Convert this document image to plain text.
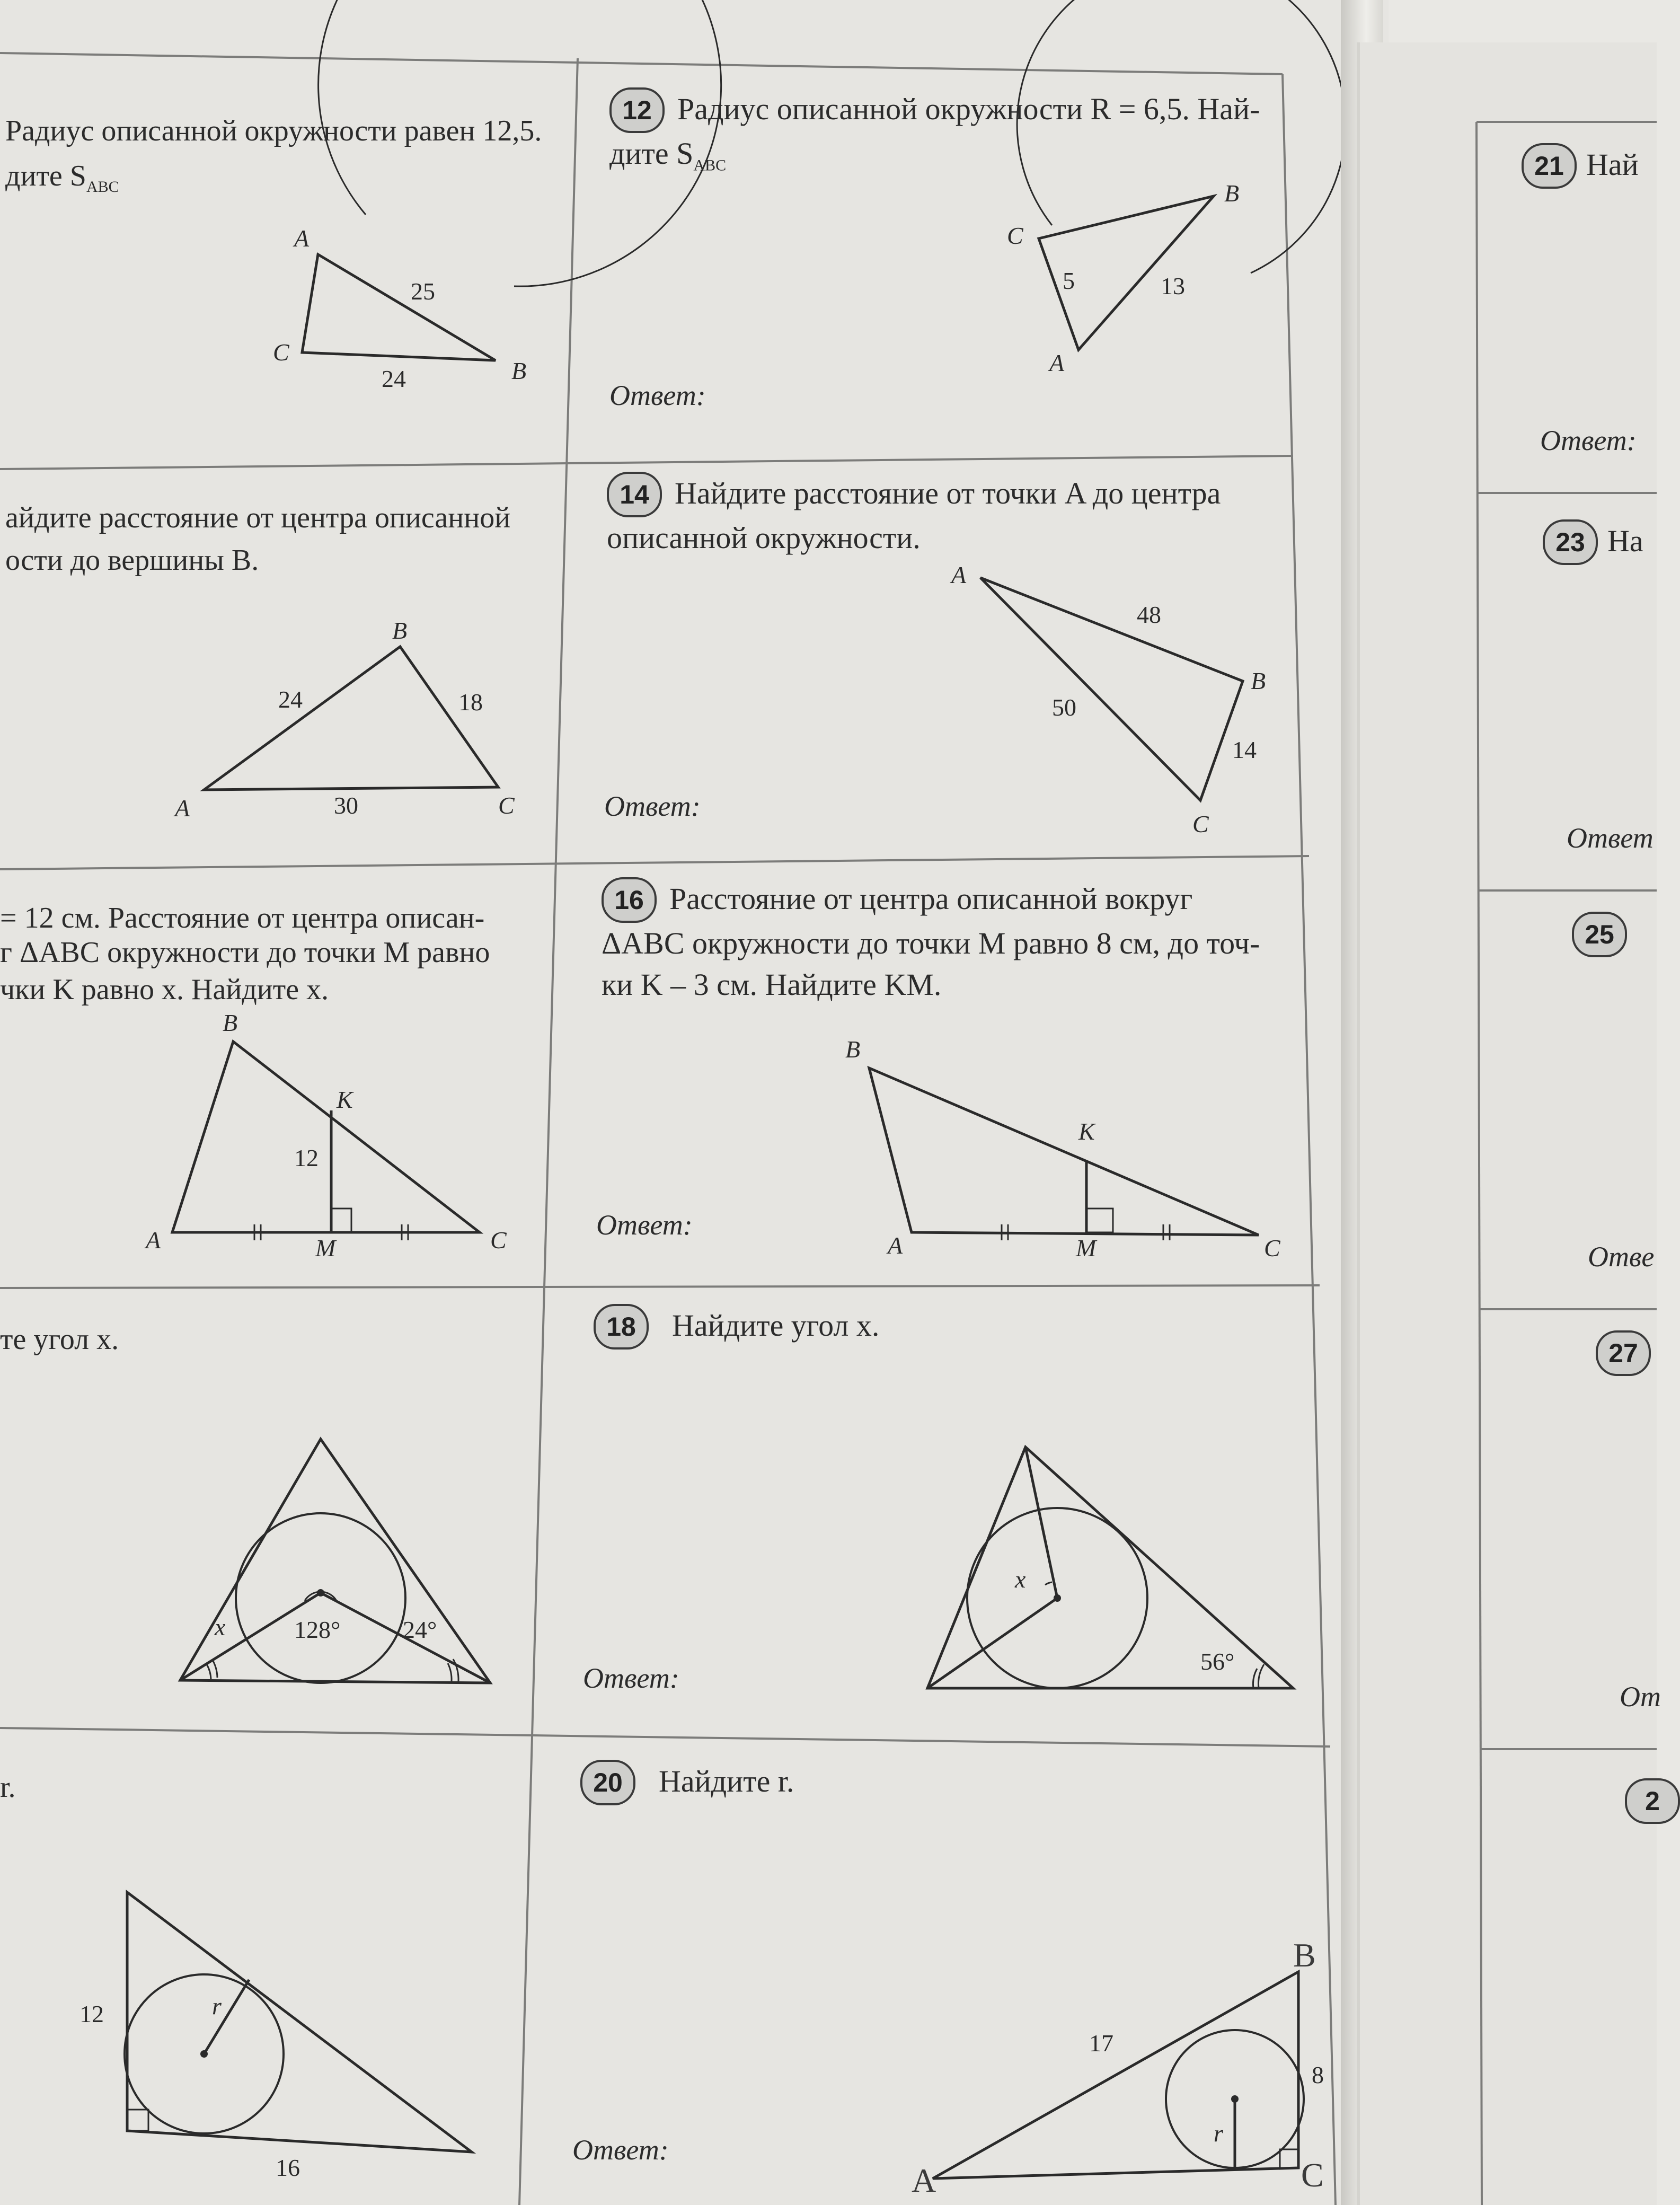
Радиус описанной окружности равен 12,5.
дите $S_{ABC}$
айдите расстояние от центра описанной
ости до вершины B.
= 12 см. Расстояние от центра описан-
г ΔABC окружности до точки M равно
чки K равно x. Найдите x.
те угол x.
r.
12 Радиус описанной окружности R = 6,5. Най-
дите $S_{ABC}$
Ответ:
14 Найдите расстояние от точки A до центра
описанной окружности.
Ответ:
16 Расстояние от центра описанной вокруг
ΔABC окружности до точки M равно 8 см, до точ-
ки K – 3 см. Найдите KM.
Ответ:
18 Найдите угол x.
Ответ:
20 Найдите r.
Ответ:
A
C
B
B
C
A
B
A	C
A
B
C
B
K
A	M	C
B
K
A	M	C
x
x
r
r
25
24
5	13
24	18
30
48
50
14
12
128°	24°
56°
12
16
17
8
A
B
C
21 Най
Ответ:
23 На
Ответ
25
Отве
27
От
2
